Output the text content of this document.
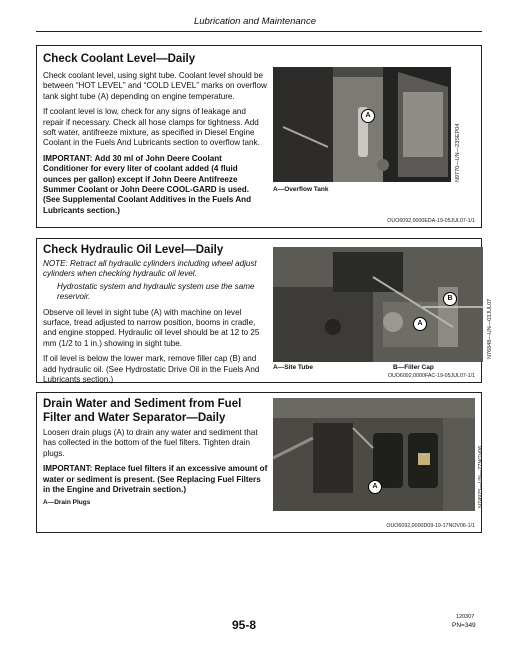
Lubrication and Maintenance
Check Coolant Level—Daily

Check coolant level, using sight tube. Coolant level should be between “HOT LEVEL” and “COLD LEVEL” marks on overflow tank sight tube (A) depending on engine temperature.

If coolant level is low, check for any signs of leakage and repair if necessary. Check all hose clamps for tightness. Add soft water, antifreeze mixture, as specified in Diesel Engine Coolant in the Fuels And Lubricants section to overflow tank.

IMPORTANT: Add 30 ml of John Deere Coolant Conditioner for every liter of coolant added (4 fluid ounces per gallon) except if John Deere Antifreeze Summer Coolant or John Deere COOL-GARD is used. (See Supplemental Coolant Additives in the Fuels And Lubricants section.)

A
N9770—UN—23SEP04
A—Overflow Tank
OUO6092,0000EDA-19-05JUL07-1/1
Check Hydraulic Oil Level—Daily

NOTE: Retract all hydraulic cylinders including wheel adjust cylinders when checking hydraulic oil level.

Hydrostatic system and hydraulic system use the same reservoir.

Observe oil level in sight tube (A) with machine on level surface, tread adjusted to narrow position, booms in cradle, and engine stopped. Hydraulic oil level should be at 12 to 25 mm (1/2 to 1 in.) showing in sight tube.

If oil level is below the lower mark, remove filler cap (B) and add hydraulic oil. (See Hydrostatic Drive Oil in the Fuels And Lubricants section.)

B
A	N76848—UN—03JUL07
A—Site Tube	B—Filler Cap
OUO6092,0000FAC-19-05JUL07-1/1
Drain Water and Sediment from Fuel Filter and Water Separator—Daily

Loosen drain plugs (A) to drain any water and sediment that has collected in the bottom of the fuel filters. Tighten drain plugs.

IMPORTANT: Replace fuel filters if an excessive amount of water or sediment is present. (See Replacing Fuel Filters in the Engine and Drivetrain section.)

A—Drain Plugs
A	N74975—UN—27NOV06
OUO6092,0000D09-19-17NOV06-1/1
95-8
120307
PN=349
